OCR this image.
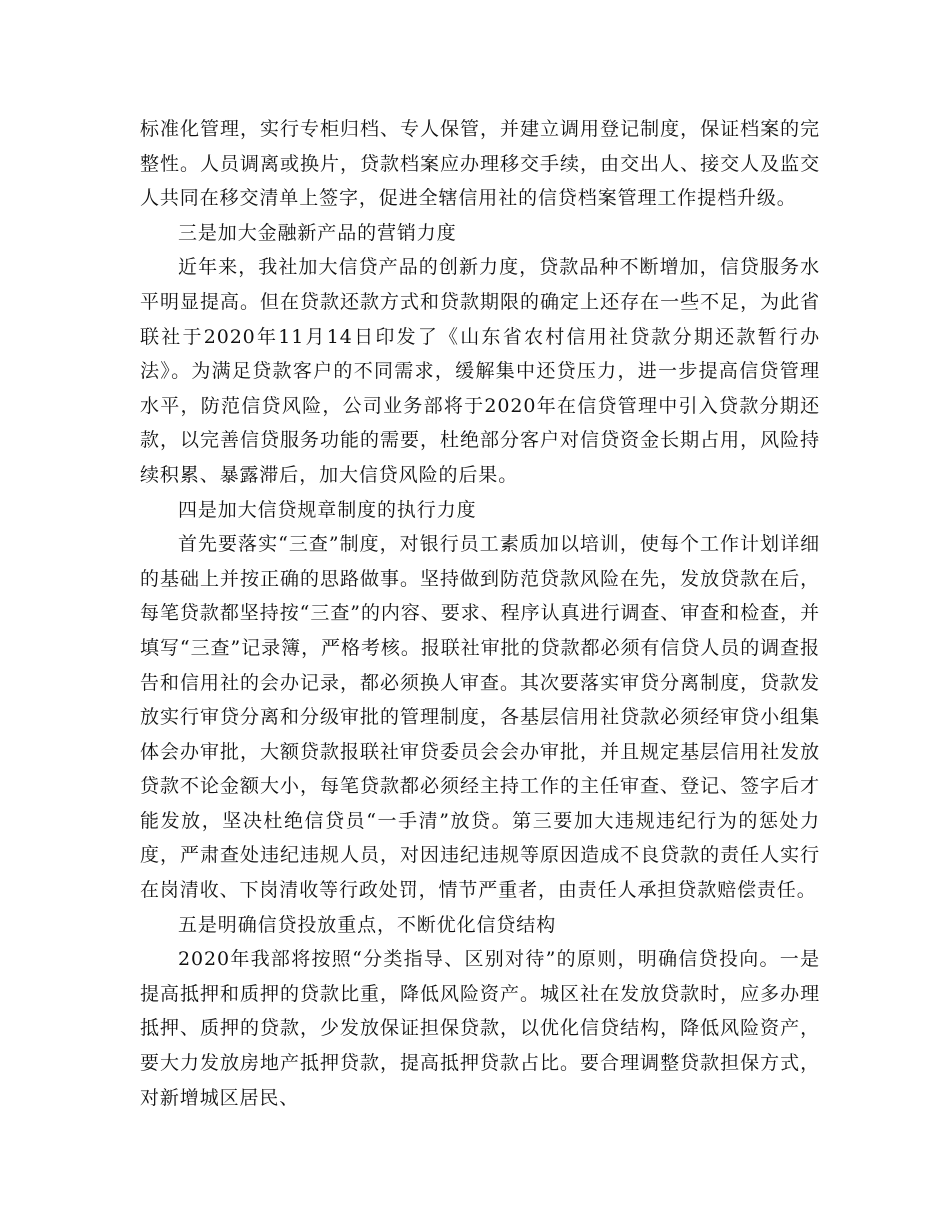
标准化管理，实行专柜归档、专人保管，并建立调用登记制度，保证档案的完整性。人员调离或换片，贷款档案应办理移交手续，由交出人、接交人及监交人共同在移交清单上签字，促进全辖信用社的信贷档案管理工作提档升级。

三是加大金融新产品的营销力度

近年来，我社加大信贷产品的创新力度，贷款品种不断增加，信贷服务水平明显提高。但在贷款还款方式和贷款期限的确定上还存在一些不足，为此省联社于2020年11月14日印发了《山东省农村信用社贷款分期还款暂行办法》。为满足贷款客户的不同需求，缓解集中还贷压力，进一步提高信贷管理水平，防范信贷风险，公司业务部将于2020年在信贷管理中引入贷款分期还款，以完善信贷服务功能的需要，杜绝部分客户对信贷资金长期占用，风险持续积累、暴露滞后，加大信贷风险的后果。

四是加大信贷规章制度的执行力度

首先要落实“三查”制度，对银行员工素质加以培训，使每个工作计划详细的基础上并按正确的思路做事。坚持做到防范贷款风险在先，发放贷款在后，每笔贷款都坚持按“三查”的内容、要求、程序认真进行调查、审查和检查，并填写“三查”记录簿，严格考核。报联社审批的贷款都必须有信贷人员的调查报告和信用社的会办记录，都必须换人审查。其次要落实审贷分离制度，贷款发放实行审贷分离和分级审批的管理制度，各基层信用社贷款必须经审贷小组集体会办审批，大额贷款报联社审贷委员会会办审批，并且规定基层信用社发放贷款不论金额大小，每笔贷款都必须经主持工作的主任审查、登记、签字后才能发放，坚决杜绝信贷员“一手清”放贷。第三要加大违规违纪行为的惩处力度，严肃查处违纪违规人员，对因违纪违规等原因造成不良贷款的责任人实行在岗清收、下岗清收等行政处罚，情节严重者，由责任人承担贷款赔偿责任。

五是明确信贷投放重点，不断优化信贷结构

2020年我部将按照“分类指导、区别对待”的原则，明确信贷投向。一是提高抵押和质押的贷款比重，降低风险资产。城区社在发放贷款时，应多办理抵押、质押的贷款，少发放保证担保贷款，以优化信贷结构，降低风险资产，要大力发放房地产抵押贷款，提高抵押贷款占比。要合理调整贷款担保方式，对新增城区居民、
